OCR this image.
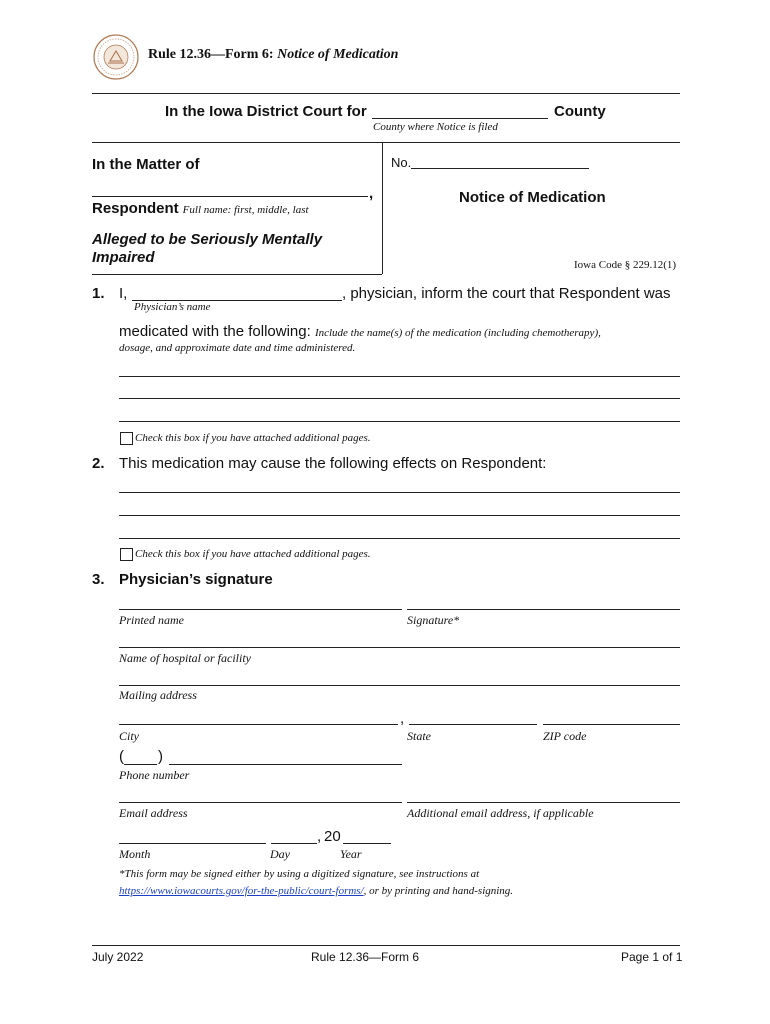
Rule 12.36—Form 6: Notice of Medication
In the Iowa District Court for	County
County where Notice is filed
In the Matter of
,
Respondent Full name: first, middle, last
Alleged to be Seriously Mentally
Impaired
No.
Notice of Medication
Iowa Code § 229.12(1)
1. I,	, physician, inform the court that Respondent was
Physician’s name
medicated with the following: Include the name(s) of the medication (including chemotherapy),
dosage, and approximate date and time administered.
Check this box if you have attached additional pages.
2. This medication may cause the following effects on Respondent:
Check this box if you have attached additional pages.
3. Physician’s signature
Printed name	Signature*
Name of hospital or facility
Mailing address
,
City	State	ZIP code
( )
Phone number
Email address	Additional email address, if applicable
, 20
Month	Day	Year
*This form may be signed either by using a digitized signature, see instructions at
https://www.iowacourts.gov/for-the-public/court-forms/, or by printing and hand-signing.
July 2022	Rule 12.36—Form 6	Page 1 of 1
